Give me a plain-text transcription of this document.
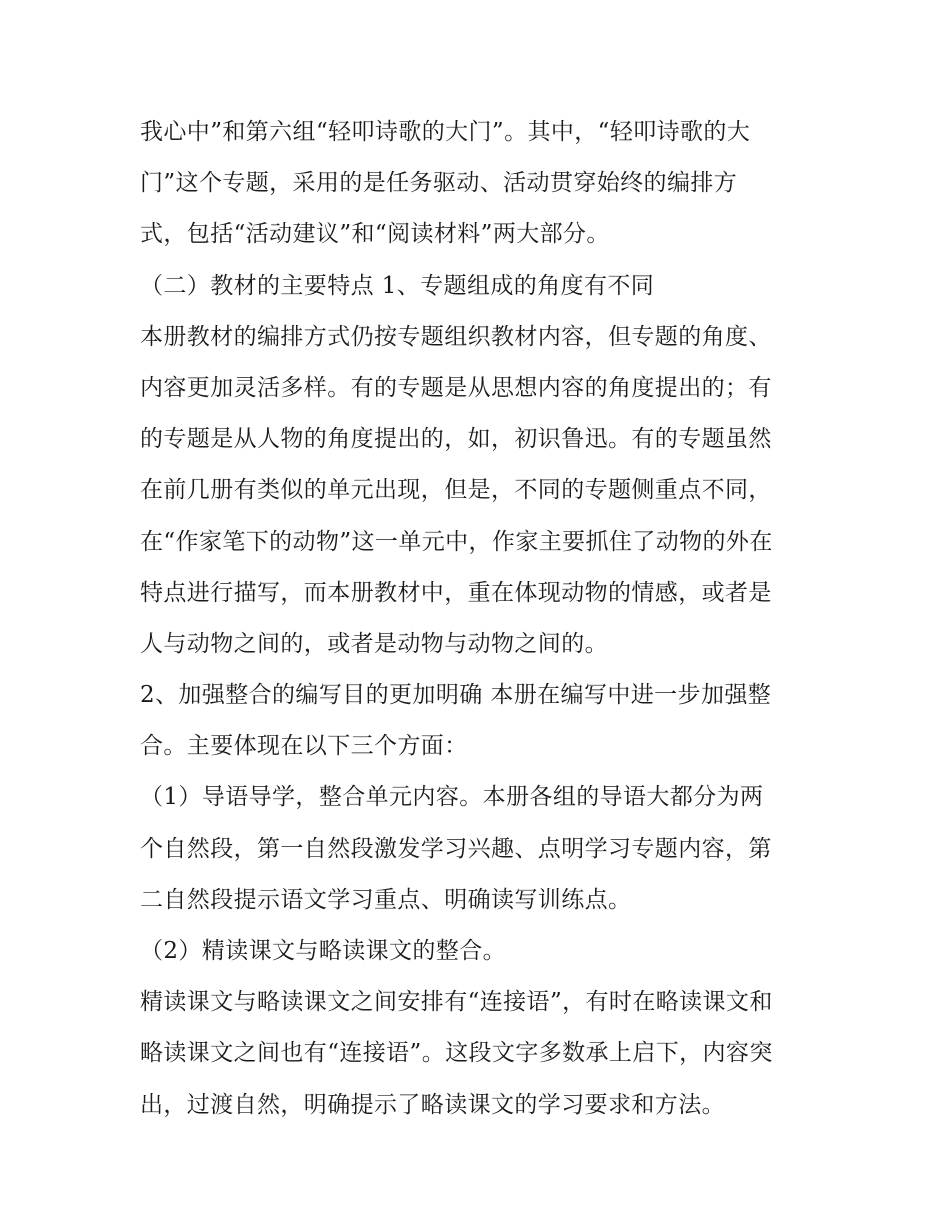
我心中”和第六组“轻叩诗歌的大门”。其中，“轻叩诗歌的大
门”这个专题，采用的是任务驱动、活动贯穿始终的编排方
式，包括“活动建议”和“阅读材料”两大部分。
（二）教材的主要特点 1、专题组成的角度有不同
本册教材的编排方式仍按专题组织教材内容，但专题的角度、
内容更加灵活多样。有的专题是从思想内容的角度提出的；有
的专题是从人物的角度提出的，如，初识鲁迅。有的专题虽然
在前几册有类似的单元出现，但是，不同的专题侧重点不同，
在“作家笔下的动物”这一单元中，作家主要抓住了动物的外在
特点进行描写，而本册教材中，重在体现动物的情感，或者是
人与动物之间的，或者是动物与动物之间的。
2、加强整合的编写目的更加明确 本册在编写中进一步加强整
合。主要体现在以下三个方面：
（1）导语导学，整合单元内容。本册各组的导语大都分为两
个自然段，第一自然段激发学习兴趣、点明学习专题内容，第
二自然段提示语文学习重点、明确读写训练点。
（2）精读课文与略读课文的整合。
精读课文与略读课文之间安排有“连接语”，有时在略读课文和
略读课文之间也有“连接语”。这段文字多数承上启下，内容突
出，过渡自然，明确提示了略读课文的学习要求和方法。
